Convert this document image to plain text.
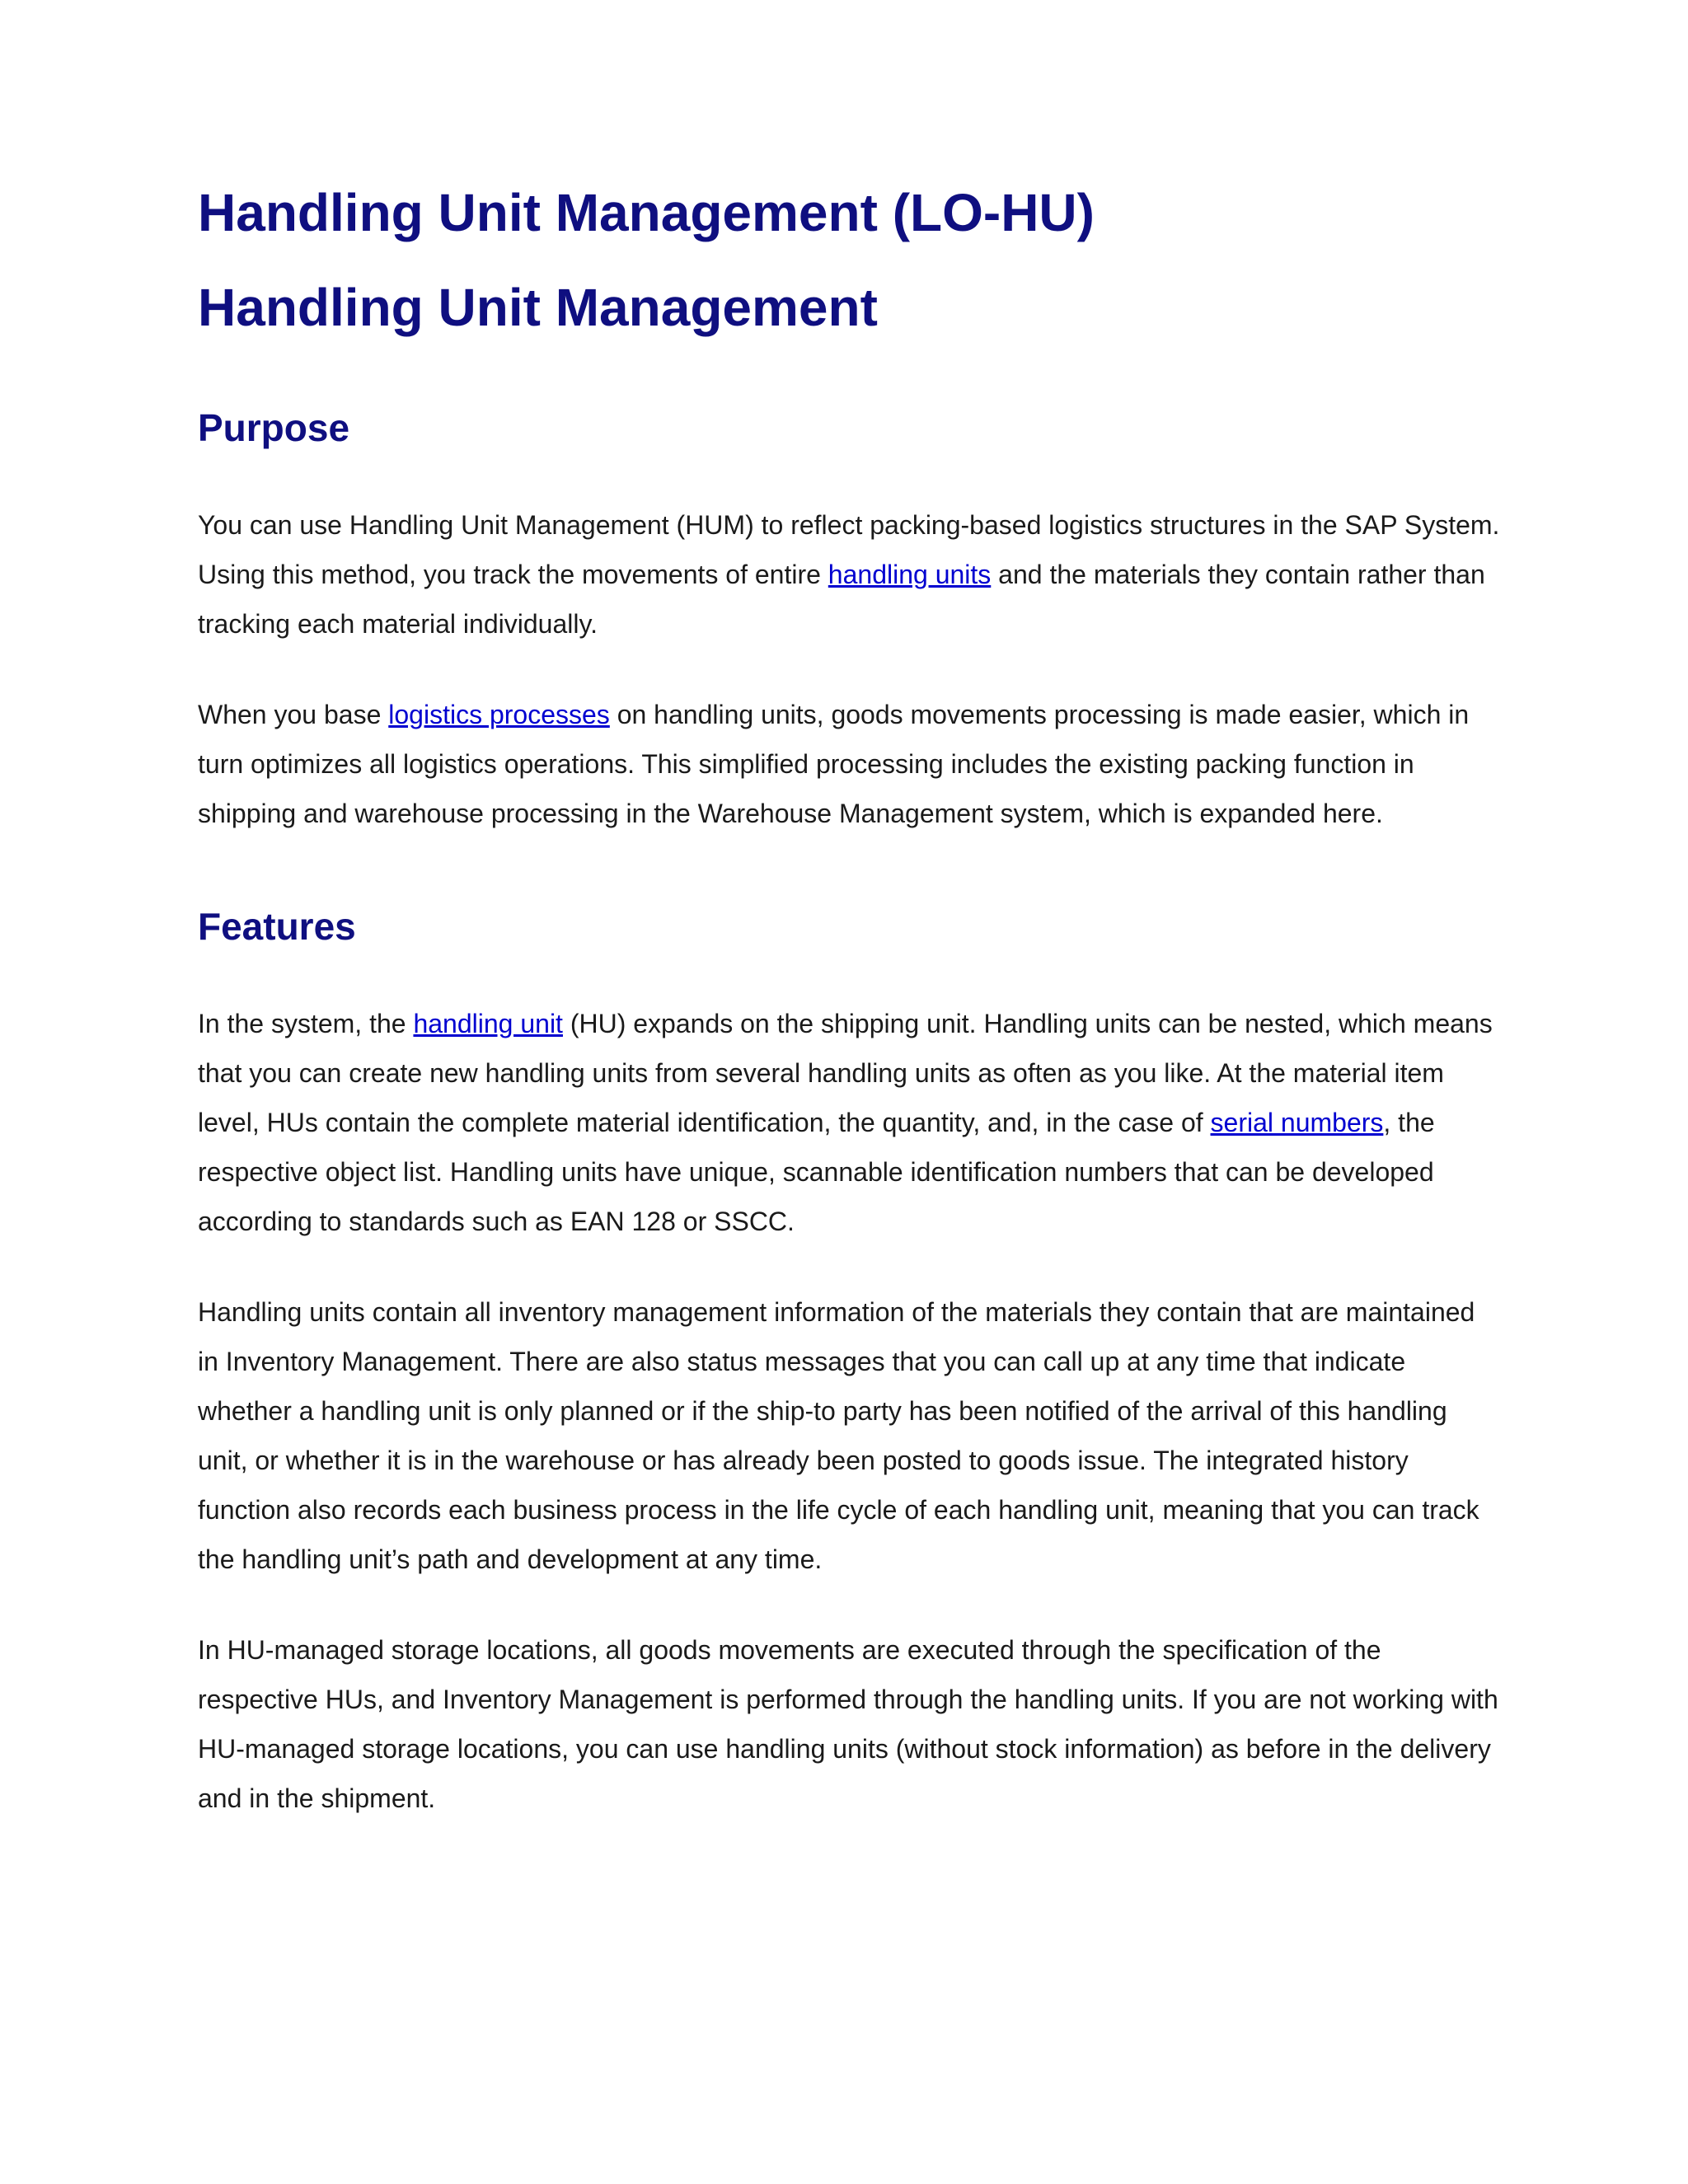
Handling Unit Management (LO-HU)
Handling Unit Management
Purpose

You can use Handling Unit Management (HUM) to reflect packing-based logistics structures in the SAP System. Using this method, you track the movements of entire handling units and the materials they contain rather than tracking each material individually.

When you base logistics processes on handling units, goods movements processing is made easier, which in turn optimizes all logistics operations. This simplified processing includes the existing packing function in shipping and warehouse processing in the Warehouse Management system, which is expanded here.

Features

In the system, the handling unit (HU) expands on the shipping unit. Handling units can be nested, which means that you can create new handling units from several handling units as often as you like. At the material item level, HUs contain the complete material identification, the quantity, and, in the case of serial numbers, the respective object list. Handling units have unique, scannable identification numbers that can be developed according to standards such as EAN 128 or SSCC.

Handling units contain all inventory management information of the materials they contain that are maintained in Inventory Management. There are also status messages that you can call up at any time that indicate whether a handling unit is only planned or if the ship-to party has been notified of the arrival of this handling unit, or whether it is in the warehouse or has already been posted to goods issue. The integrated history function also records each business process in the life cycle of each handling unit, meaning that you can track the handling unit’s path and development at any time.

In HU-managed storage locations, all goods movements are executed through the specification of the respective HUs, and Inventory Management is performed through the handling units. If you are not working with HU-managed storage locations, you can use handling units (without stock information) as before in the delivery and in the shipment.
